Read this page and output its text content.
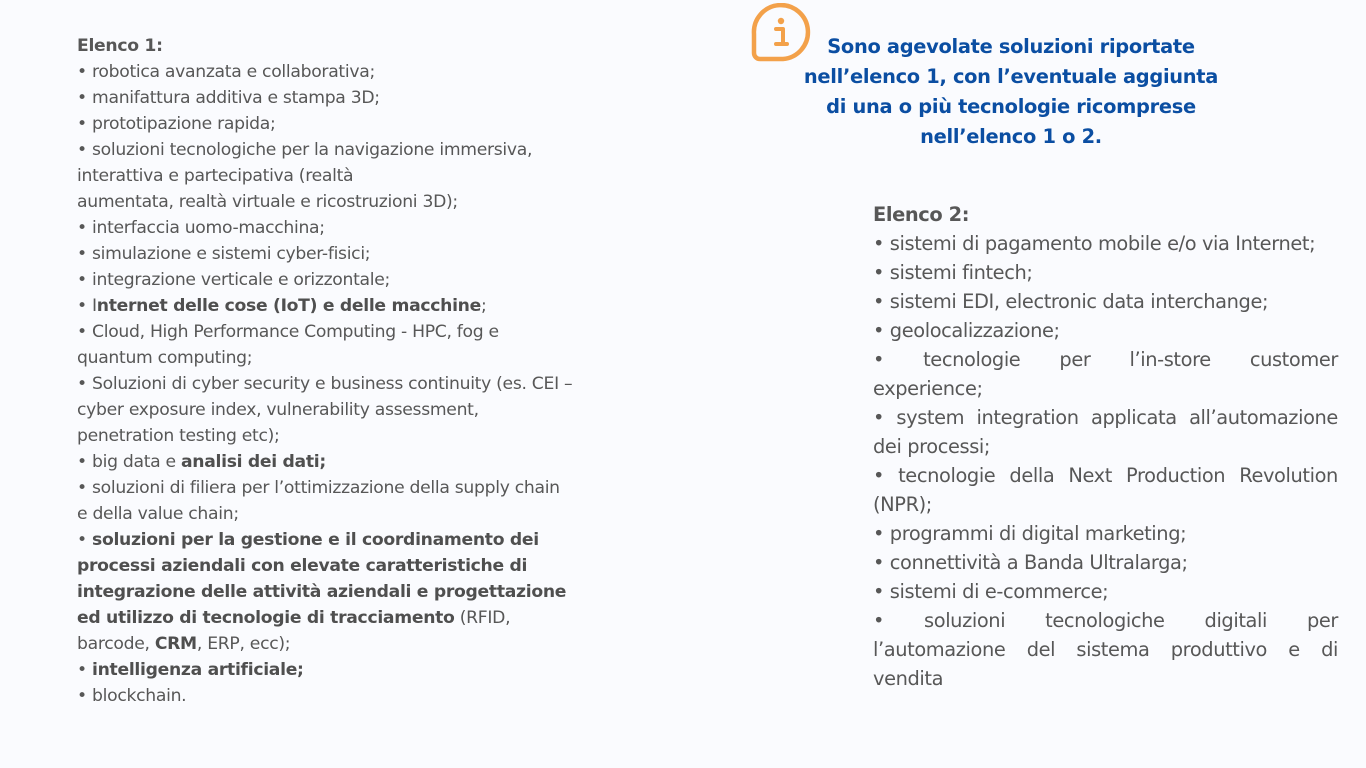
Elenco 1:
• robotica avanzata e collaborativa;
• manifattura additiva e stampa 3D;
• prototipazione rapida;
• soluzioni tecnologiche per la navigazione immersiva,
interattiva e partecipativa (realtà
aumentata, realtà virtuale e ricostruzioni 3D);
• interfaccia uomo-macchina;
• simulazione e sistemi cyber-fisici;
• integrazione verticale e orizzontale;
• Internet delle cose (IoT) e delle macchine;
• Cloud, High Performance Computing - HPC, fog e
quantum computing;
• Soluzioni di cyber security e business continuity (es. CEI –
cyber exposure index, vulnerability assessment,
penetration testing etc);
• big data e analisi dei dati;
• soluzioni di filiera per l’ottimizzazione della supply chain
e della value chain;
• soluzioni per la gestione e il coordinamento dei
processi aziendali con elevate caratteristiche di
integrazione delle attività aziendali e progettazione
ed utilizzo di tecnologie di tracciamento (RFID,
barcode, CRM, ERP, ecc);
• intelligenza artificiale;
• blockchain.
Sono agevolate soluzioni riportate
nell’elenco 1, con l’eventuale aggiunta
di una o più tecnologie ricomprese
nell’elenco 1 o 2.
Elenco 2:
• sistemi di pagamento mobile e/o via Internet;
• sistemi fintech;
• sistemi EDI, electronic data interchange;
• geolocalizzazione;
• tecnologie per l’in-store customer
experience;
• system integration applicata all’automazione
dei processi;
• tecnologie della Next Production Revolution
(NPR);
• programmi di digital marketing;
• connettività a Banda Ultralarga;
• sistemi di e-commerce;
• soluzioni tecnologiche digitali per
l’automazione del sistema produttivo e di
vendita
